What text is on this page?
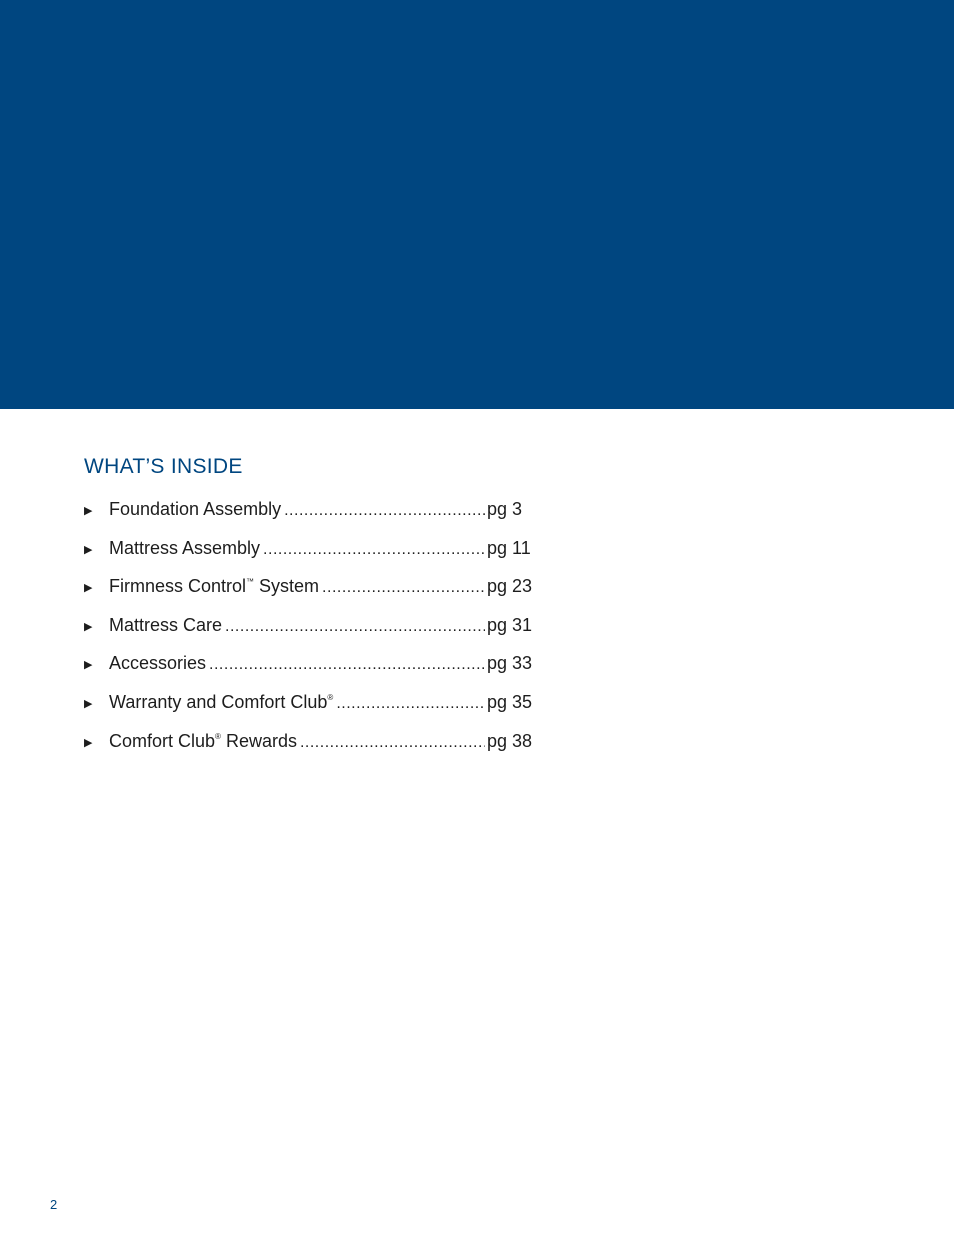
WHAT’S INSIDE
▶ Foundation Assembly .....	pg 3
▶ Mattress Assembly .....	pg 11
▶ Firmness Control™ System .....	pg 23
▶ Mattress Care .....	pg 31
▶ Accessories .....	pg 33
▶ Warranty and Comfort Club® .....	pg 35
▶ Comfort Club® Rewards .....	pg 38
2
